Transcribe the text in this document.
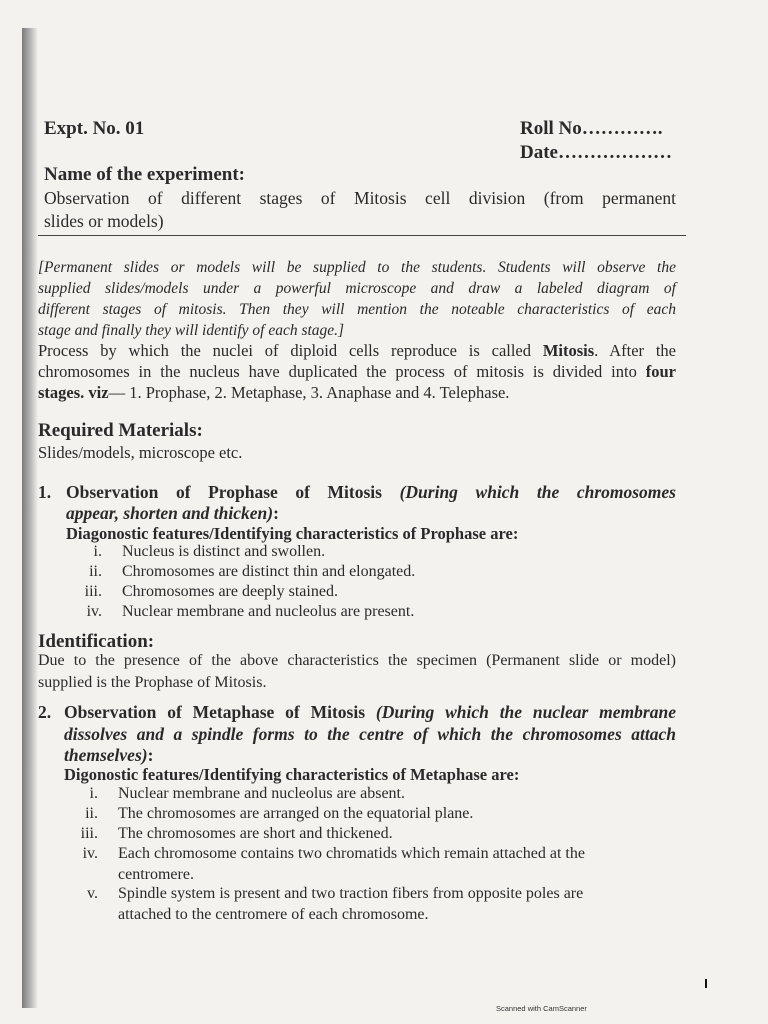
Expt. No. 01	Roll No………….
Date………………
Name of the experiment:
Observation of different stages of Mitosis cell division (from permanent
slides or models)
[Permanent slides or models will be supplied to the students. Students will observe the
supplied slides/models under a powerful microscope and draw a labeled diagram of
different stages of mitosis. Then they will mention the noteable characteristics of each
stage and finally they will identify of each stage.]
Process by which the nuclei of diploid cells reproduce is called Mitosis. After the
chromosomes in the nucleus have duplicated the process of mitosis is divided into four
stages. viz— 1. Prophase, 2. Metaphase, 3. Anaphase and 4. Telephase.
Required Materials:
Slides/models, microscope etc.
1. Observation of Prophase of Mitosis (During which the chromosomes
appear, shorten and thicken):
Diagonostic features/Identifying characteristics of Prophase are:
i.	Nucleus is distinct and swollen.
ii.	Chromosomes are distinct thin and elongated.
iii.	Chromosomes are deeply stained.
iv.	Nuclear membrane and nucleolus are present.
Identification:
Due to the presence of the above characteristics the specimen (Permanent slide or model)
supplied is the Prophase of Mitosis.
2. Observation of Metaphase of Mitosis (During which the nuclear membrane
dissolves and a spindle forms to the centre of which the chromosomes attach
themselves):
Digonostic features/Identifying characteristics of Metaphase are:
i.	Nuclear membrane and nucleolus are absent.
ii.	The chromosomes are arranged on the equatorial plane.
iii.	The chromosomes are short and thickened.
iv.	Each chromosome contains two chromatids which remain attached at the
centromere.
v.	Spindle system is present and two traction fibers from opposite poles are
attached to the centromere of each chromosome.
Scanned with CamScanner
